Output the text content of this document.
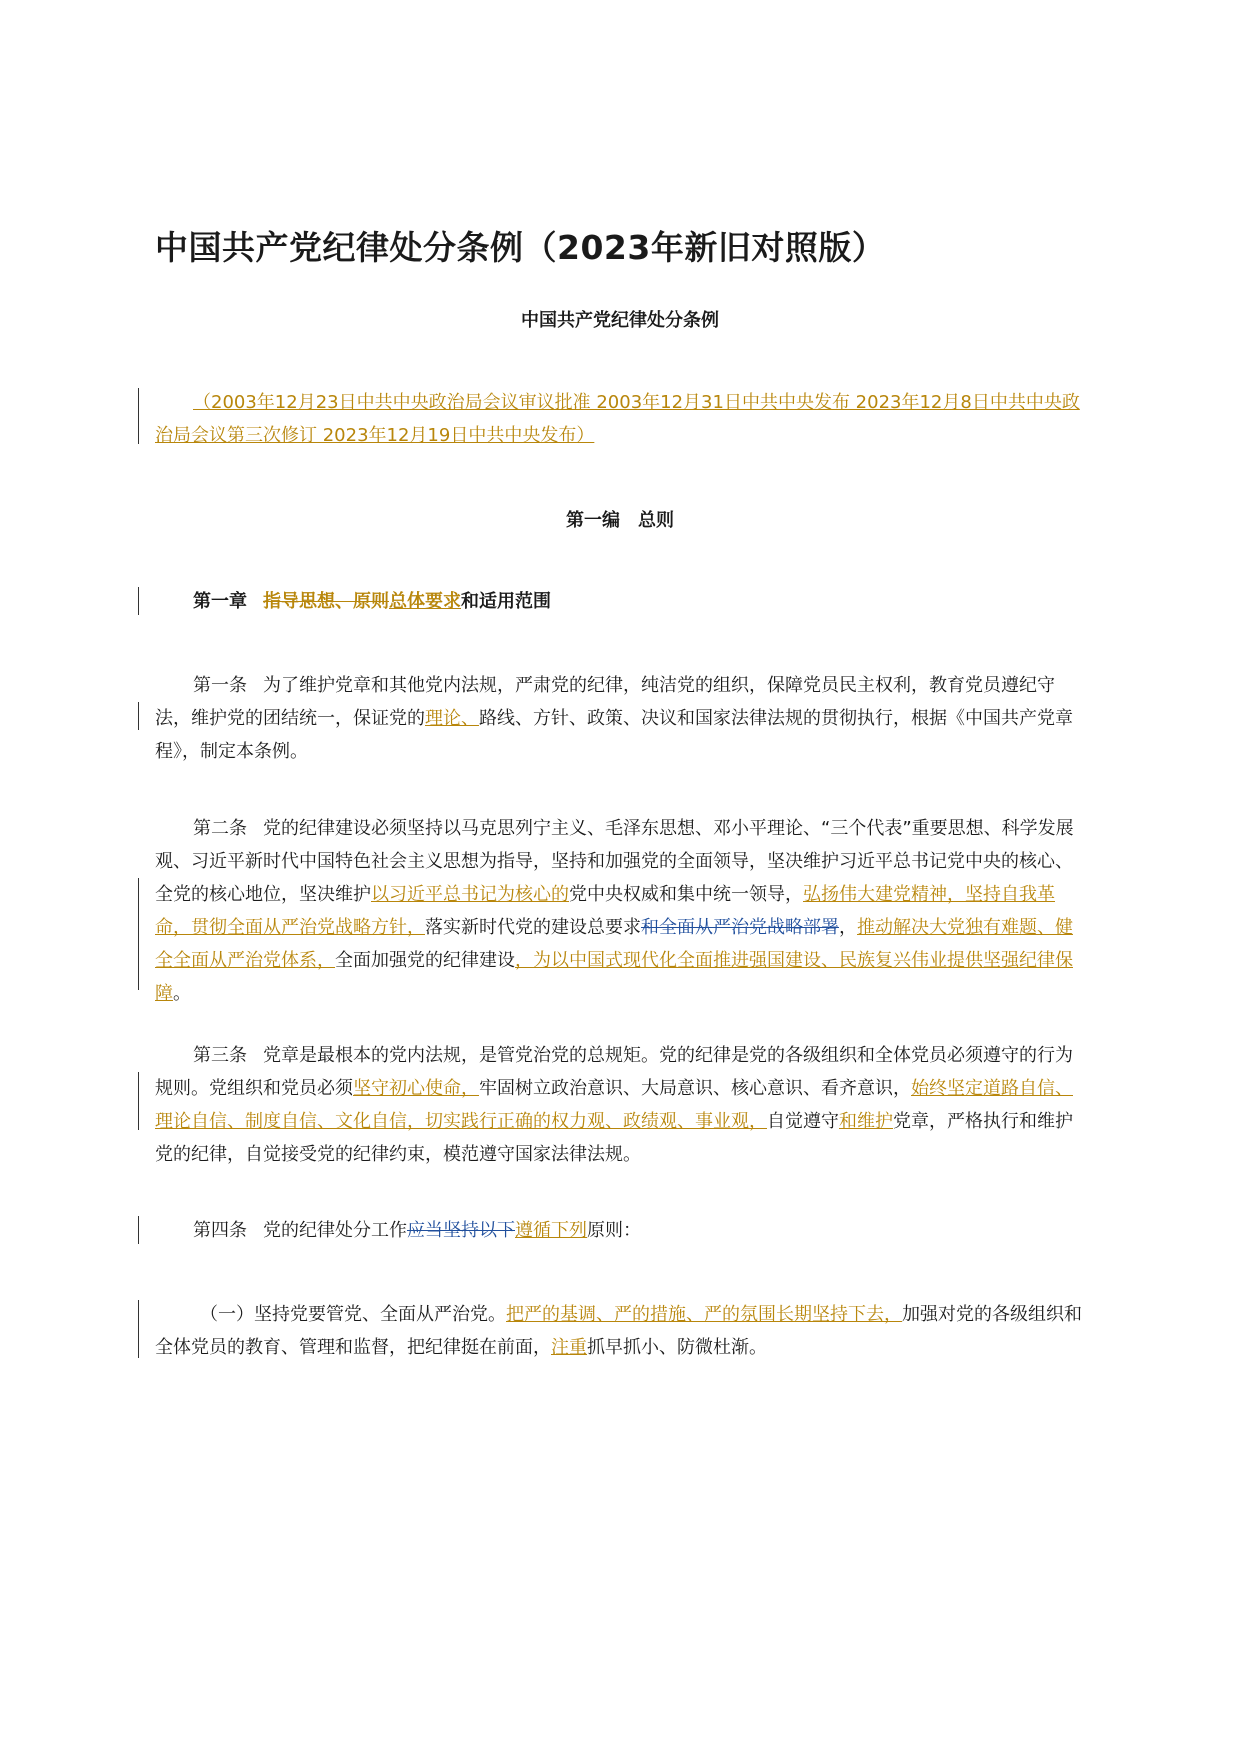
中国共产党纪律处分条例（2023年新旧对照版）
中国共产党纪律处分条例

（2003年12月23日中共中央政治局会议审议批准 2003年12月31日中共中央发布 2023年12月8日中共中央政治局会议第三次修订 2023年12月19日中共中央发布）

第一编　总则

第一章 指导思想、原则总体要求和适用范围

第一条 为了维护党章和其他党内法规，严肃党的纪律，纯洁党的组织，保障党员民主权利，教育党员遵纪守法，维护党的团结统一，保证党的理论、路线、方针、政策、决议和国家法律法规的贯彻执行，根据《中国共产党章程》，制定本条例。

第二条 党的纪律建设必须坚持以马克思列宁主义、毛泽东思想、邓小平理论、“三个代表”重要思想、科学发展观、习近平新时代中国特色社会主义思想为指导，坚持和加强党的全面领导，坚决维护习近平总书记党中央的核心、全党的核心地位，坚决维护以习近平总书记为核心的党中央权威和集中统一领导，弘扬伟大建党精神，坚持自我革命，贯彻全面从严治党战略方针，落实新时代党的建设总要求和全面从严治党战略部署，推动解决大党独有难题、健全全面从严治党体系，全面加强党的纪律建设，为以中国式现代化全面推进强国建设、民族复兴伟业提供坚强纪律保障。

第三条 党章是最根本的党内法规，是管党治党的总规矩。党的纪律是党的各级组织和全体党员必须遵守的行为规则。党组织和党员必须坚守初心使命，牢固树立政治意识、大局意识、核心意识、看齐意识，始终坚定道路自信、理论自信、制度自信、文化自信，切实践行正确的权力观、政绩观、事业观，自觉遵守和维护党章，严格执行和维护党的纪律，自觉接受党的纪律约束，模范遵守国家法律法规。

第四条 党的纪律处分工作应当坚持以下遵循下列原则：

（一）坚持党要管党、全面从严治党。把严的基调、严的措施、严的氛围长期坚持下去，加强对党的各级组织和全体党员的教育、管理和监督，把纪律挺在前面，注重抓早抓小、防微杜渐。
